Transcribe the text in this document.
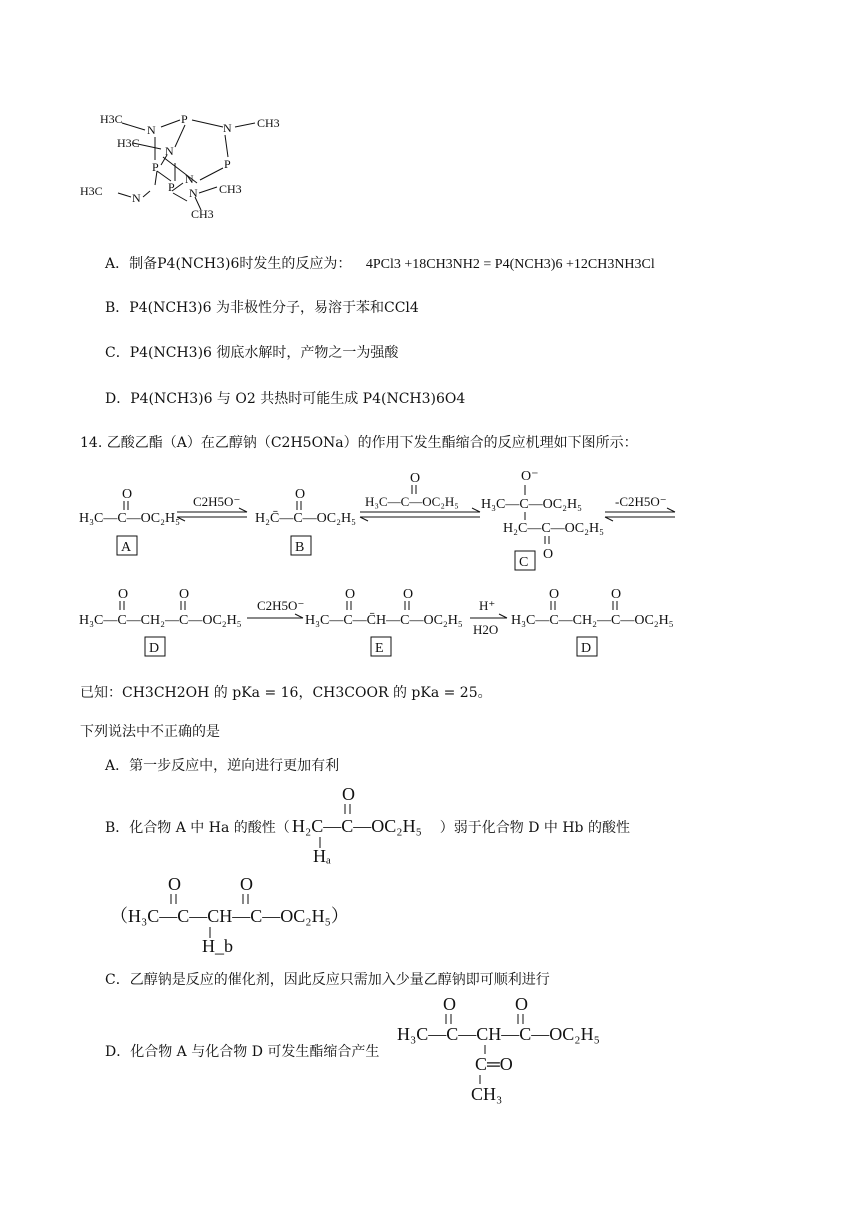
H3C
N
P
N CH3
H3C
N
P	P
N
P
H3C N	N CH3
CH3
A．制备P4(NCH3)6时发生的反应为： 4PCl3 +18CH3NH2 = P4(NCH3)6 +12CH3NH3Cl
B．P4(NCH3)6 为非极性分子，易溶于苯和CCl4
C．P4(NCH3)6 彻底水解时，产物之一为强酸
D．P4(NCH3)6 与 O2 共热时可能生成 P4(NCH3)6O4
14. 乙酸乙酯（A）在乙醇钠（C2H5ONa）的作用下发生酯缩合的反应机理如下图所示：
O
H₃C—C—OC₂H₅
A
C2H5O⁻	O
H₂C̄—C—OC₂H₅
B
O
H₃C—C—OC₂H₅
O⁻
H₃C—C—OC₂H₅
H₂C—C—OC₂H₅
O
C
-C2H5O⁻
O	O
H₃C—C—CH₂—C—OC₂H₅
D
C2H5O⁻
O	O
H₃C—C—C̄H—C—OC₂H₅
E
H⁺
H2O
O	O
H₃C—C—CH₂—C—OC₂H₅
D
已知：CH3CH2OH 的 pKa = 16，CH3COOR 的 pKa = 25。
下列说法中不正确的是
A．第一步反应中，逆向进行更加有利
B．化合物 A 中 Ha 的酸性（	）弱于化合物 D 中 Hb 的酸性
O
H₂C—C—OC₂H₅
Hₐ
（H₃C—C—CH—C—OC₂H₅）
O	O
H_b
C．乙醇钠是反应的催化剂，因此反应只需加入少量乙醇钠即可顺利进行
D．化合物 A 与化合物 D 可发生酯缩合产生
O	O
H₃C—C—CH—C—OC₂H₅
C═O
CH₃
